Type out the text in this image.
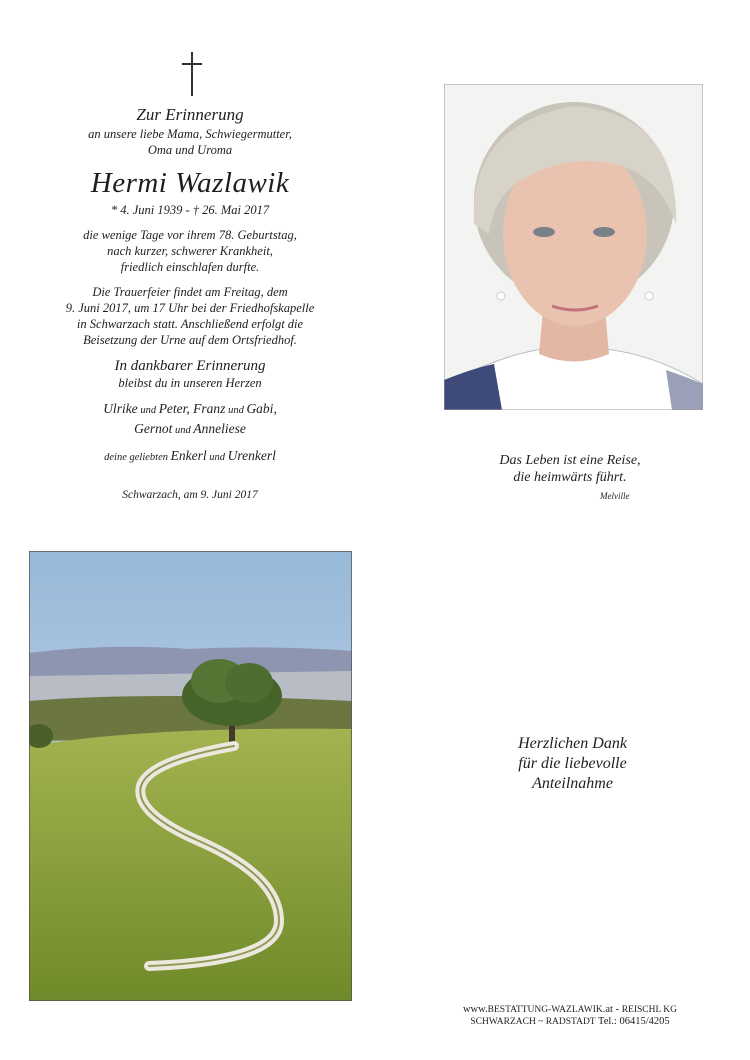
Zur Erinnerung

an unsere liebe Mama, Schwiegermutter,

Oma und Uroma

Hermi Wazlawik

* 4. Juni 1939 - † 26. Mai 2017

die wenige Tage vor ihrem 78. Geburtstag,

nach kurzer, schwerer Krankheit,

friedlich einschlafen durfte.

Die Trauerfeier findet am Freitag, dem

9. Juni 2017, um 17 Uhr bei der Friedhofskapelle

in Schwarzach statt. Anschließend erfolgt die

Beisetzung der Urne auf dem Ortsfriedhof.

In dankbarer Erinnerung

bleibst du in unseren Herzen

Ulrike und Peter, Franz und Gabi,

Gernot und Anneliese

deine geliebten Enkerl und Urenkerl

Schwarzach, am 9. Juni 2017

Das Leben ist eine Reise,
die heimwärts führt.
Melville
Herzlichen Dank
für die liebevolle
Anteilnahme
www.BESTATTUNG-WAZLAWIK.at - REISCHL KG
SCHWARZACH ~ RADSTADT Tel.: 06415/4205
